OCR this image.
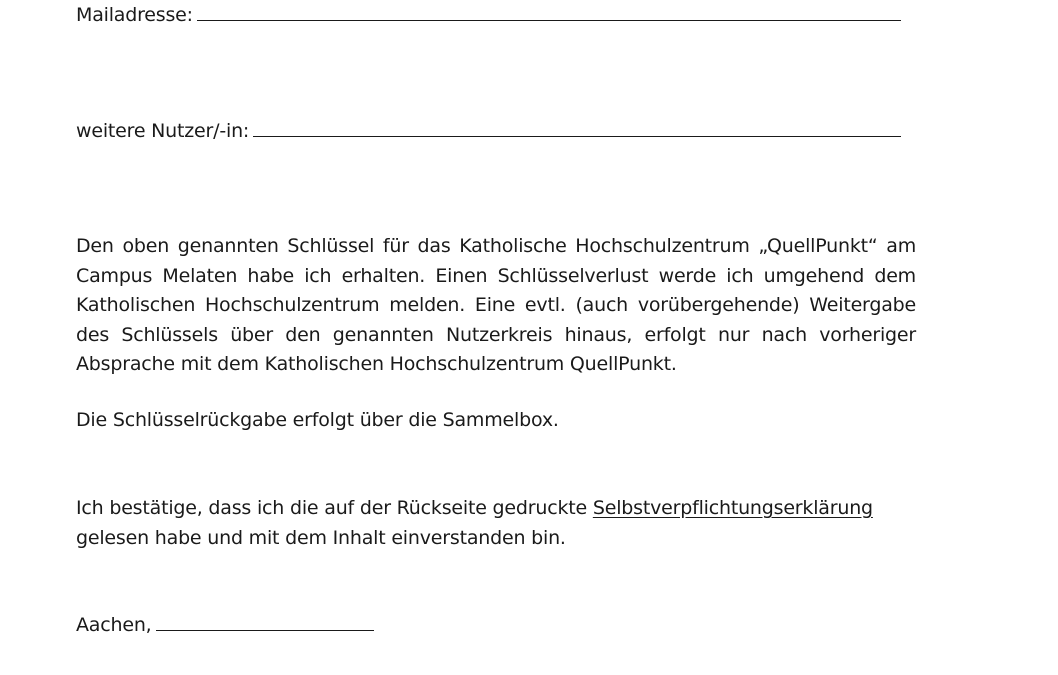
Mailadresse:
weitere Nutzer/-in:
Den oben genannten Schlüssel für das Katholische Hochschulzentrum „QuellPunkt“ am Campus Melaten habe ich erhalten. Einen Schlüsselverlust werde ich umgehend dem Katholischen Hochschulzentrum melden. Eine evtl. (auch vorübergehende) Weitergabe des Schlüssels über den genannten Nutzerkreis hinaus, erfolgt nur nach vorheriger Absprache mit dem Katholischen Hochschulzentrum QuellPunkt.
Die Schlüsselrückgabe erfolgt über die Sammelbox.
Ich bestätige, dass ich die auf der Rückseite gedruckte Selbstverpflichtungserklärung gelesen habe und mit dem Inhalt einverstanden bin.
Aachen,
